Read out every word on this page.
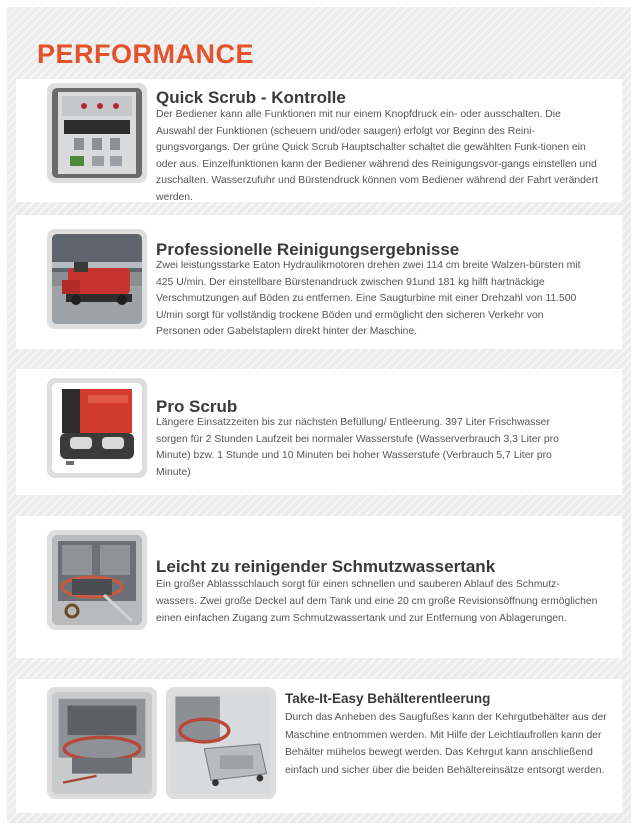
PERFORMANCE
Quick Scrub - Kontrolle

Der Bediener kann alle Funktionen mit nur einem Knopfdruck ein- oder ausschalten. Die Auswahl der Funktionen (scheuern und/oder saugen) erfolgt vor Beginn des Reini-gungsvorgangs. Der grüne Quick Scrub Hauptschalter schaltet die gewählten Funk-tionen ein oder aus. Einzelfunktionen kann der Bediener während des Reinigungsvor-gangs einstellen und zuschalten. Wasserzufuhr und Bürstendruck können vom Bediener während der Fahrt verändert werden.

Professionelle Reinigungsergebnisse

Zwei leistungsstarke Eaton Hydraulikmotoren drehen zwei 114 cm breite Walzen-bürsten mit 425 U/min. Der einstellbare Bürstenandruck zwischen 91und 181 kg hilft hartnäckige Verschmutzungen auf Böden zu entfernen. Eine Saugturbine mit einer Drehzahl von 11.500 U/min sorgt für vollständig trockene Böden und ermöglicht den sicheren Verkehr von Personen oder Gabelstaplern direkt hinter der Maschine.

Pro Scrub

Längere Einsatzzeiten bis zur nächsten Befüllung/ Entleerung. 397 Liter Frischwasser sorgen für 2 Stunden Laufzeit bei normaler Wasserstufe (Wasserverbrauch 3,3 Liter pro Minute) bzw. 1 Stunde und 10 Minuten bei hoher Wasserstufe (Verbrauch 5,7 Liter pro Minute)

Leicht zu reinigender Schmutzwassertank

Ein großer Ablassschlauch sorgt für einen schnellen und sauberen Ablauf des Schmutz-wassers. Zwei große Deckel auf dem Tank und eine 20 cm große Revisionsöffnung ermöglichen einen einfachen Zugang zum Schmutzwassertank und zur Entfernung von Ablagerungen.

Take-It-Easy Behälterentleerung

Durch das Anheben des Saugfußes kann der Kehrgutbehälter aus der Maschine entnommen werden. Mit Hilfe der Leichtlaufrollen kann der Behälter mühelos bewegt werden. Das Kehrgut kann anschließend einfach und sicher über die beiden Behältereinsätze entsorgt werden.
